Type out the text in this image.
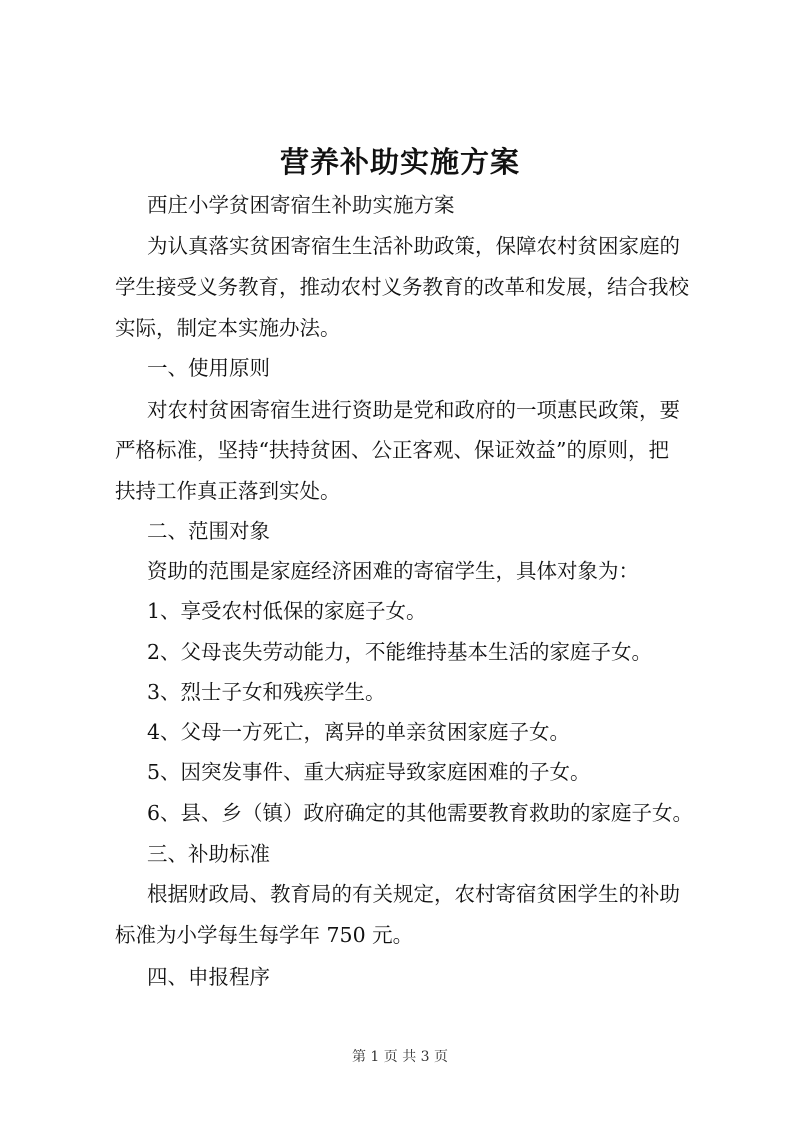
营养补助实施方案
西庄小学贫困寄宿生补助实施方案
为认真落实贫困寄宿生生活补助政策，保障农村贫困家庭的
学生接受义务教育，推动农村义务教育的改革和发展，结合我校
实际，制定本实施办法。
一、使用原则
对农村贫困寄宿生进行资助是党和政府的一项惠民政策，要
严格标准，坚持“扶持贫困、公正客观、保证效益”的原则，把
扶持工作真正落到实处。
二、范围对象
资助的范围是家庭经济困难的寄宿学生，具体对象为：
1、享受农村低保的家庭子女。
2、父母丧失劳动能力，不能维持基本生活的家庭子女。
3、烈士子女和残疾学生。
4、父母一方死亡，离异的单亲贫困家庭子女。
5、因突发事件、重大病症导致家庭困难的子女。
6、县、乡（镇）政府确定的其他需要教育救助的家庭子女。
三、补助标准
根据财政局、教育局的有关规定，农村寄宿贫困学生的补助
标准为小学每生每学年 750 元。
四、申报程序
第 1 页 共 3 页
